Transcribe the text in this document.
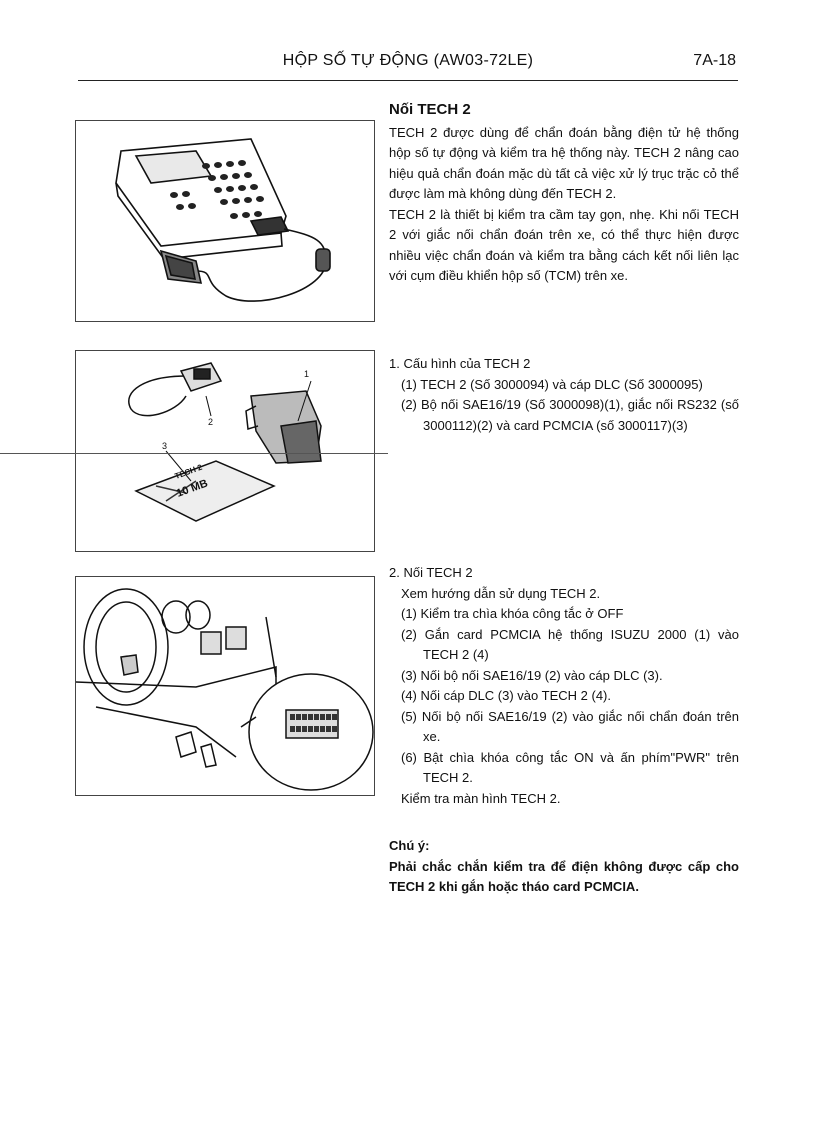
HỘP SỐ TỰ ĐỘNG (AW03-72LE)	7A-18
1
2
3
TECH 2
10 MB

Nối TECH 2

TECH 2 được dùng để chẩn đoán bằng điện tử hệ thống hộp số tự động và kiểm tra hệ thống này. TECH 2 nâng cao hiệu quả chẩn đoán mặc dù tất cả việc xử lý trục trặc cỏ thể được làm mà không dùng đến TECH 2.

TECH 2 là thiết bị kiểm tra cầm tay gọn, nhẹ. Khi nối TECH 2 với giắc nối chẩn đoán trên xe, có thể thực hiện được nhiều việc chẩn đoán và kiểm tra bằng cách kết nối liên lạc với cụm điều khiển hộp số (TCM) trên xe.

1. Cấu hình của TECH 2

(1) TECH 2 (Số 3000094) và cáp DLC (Số 3000095)

(2) Bộ nối SAE16/19 (Số 3000098)(1), giắc nối RS232 (số 3000112)(2) và card PCMCIA (số 3000117)(3)

2. Nối TECH 2

Xem hướng dẫn sử dụng TECH 2.

(1) Kiểm tra chìa khóa công tắc ở OFF

(2) Gắn card PCMCIA hệ thống ISUZU 2000 (1) vào TECH 2 (4)

(3) Nối bộ nối SAE16/19 (2) vào cáp DLC (3).

(4) Nối cáp DLC (3) vào TECH 2 (4).

(5) Nối bộ nối SAE16/19 (2) vào giắc nối chẩn đoán trên xe.

(6) Bật chìa khóa công tắc ON và ấn phím"PWR" trên TECH 2.

Kiểm tra màn hình TECH 2.

Chú ý:

Phải chắc chắn kiểm tra để điện không được cấp cho TECH 2 khi gắn hoặc tháo card PCMCIA.
